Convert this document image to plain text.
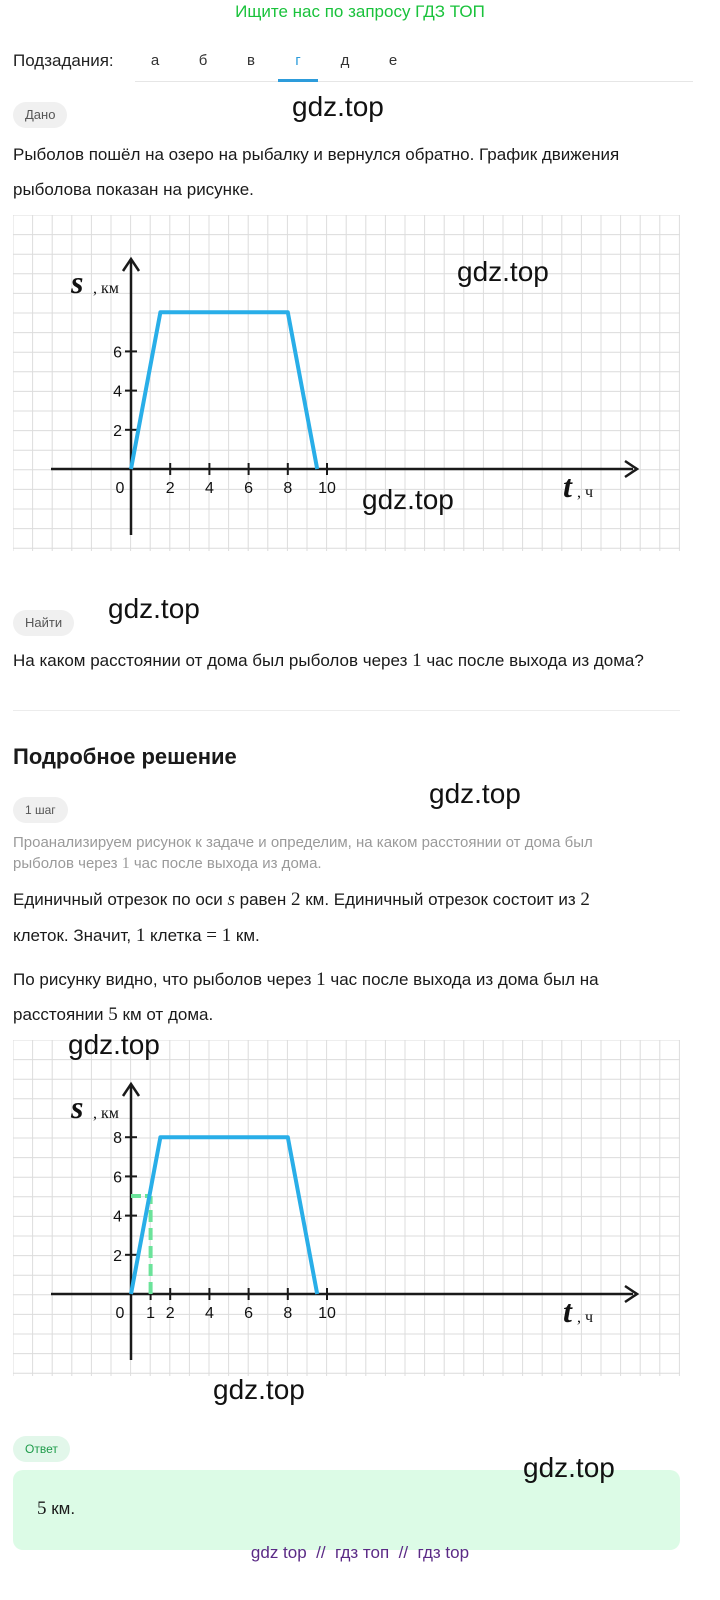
Ищите нас по запросу ГДЗ ТОП
Подзадания:	а	б	в	г	д	е
Дано	gdz.top
Рыболов пошёл на озеро на рыбалку и вернулся обратно. График движения
рыболова показан на рисунке.
2
4
6
0	2 4 6 8 10
s , км
t , ч
gdz.top
gdz.top
Найти	gdz.top
На каком расстоянии от дома был рыболов через 1 час после выхода из дома?
Подробное решение
1 шаг
gdz.top
Проанализируем рисунок к задаче и определим, на каком расстоянии от дома был
рыболов через 1 час после выхода из дома.
Единичный отрезок по оси s равен 2 км. Единичный отрезок состоит из 2
клеток. Значит, 1 клетка = 1 км.
По рисунку видно, что рыболов через 1 час после выхода из дома был на
расстоянии 5 км от дома.
2
4
6
8
0 1 2 4 6 8 10
s , км
t , ч
gdz.top
gdz.top
Ответ
5 км.
gdz.top
gdz top // гдз топ // гдз top
